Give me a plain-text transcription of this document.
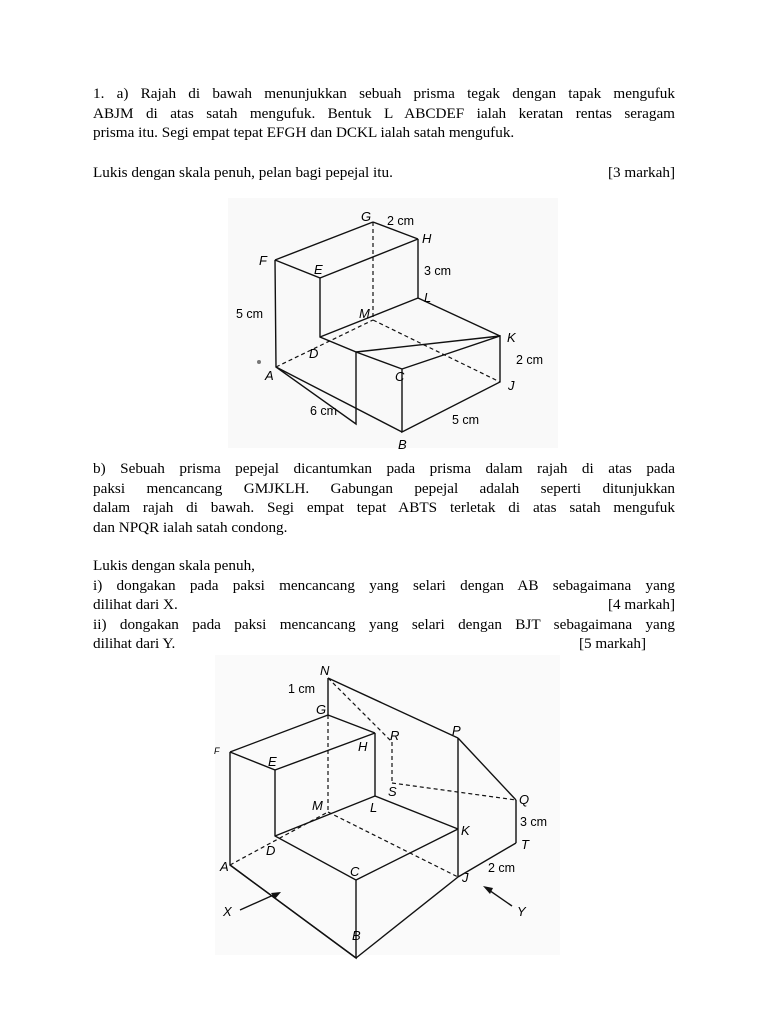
1. a) Rajah di bawah menunjukkan sebuah prisma tegak dengan tapak mengufuk
ABJM di atas satah mengufuk. Bentuk L ABCDEF ialah keratan rentas seragam
prisma itu. Segi empat tepat EFGH dan DCKL ialah satah mengufuk.
Lukis dengan skala penuh, pelan bagi pepejal itu.	[3 markah]
G
H
F
E
L
M
K
D
A	C
J
B
2 cm
3 cm
5 cm
2 cm
6 cm
5 cm
b) Sebuah prisma pepejal dicantumkan pada prisma dalam rajah di atas pada
paksi mencancang GMJKLH. Gabungan pepejal adalah seperti ditunjukkan
dalam rajah di bawah. Segi empat tepat ABTS terletak di atas satah mengufuk
dan NPQR ialah satah condong.
Lukis dengan skala penuh,
i) dongakan pada paksi mencancang yang selari dengan AB sebagaimana yang
dilihat dari X.	[4 markah]
ii) dongakan pada paksi mencancang yang selari dengan BJT sebagaimana yang
dilihat dari Y.	[5 markah]
N
G
H
R	P
F
E
M	L
S
Q
K
T
A
D
C	J
B
X	Y
1 cm
3 cm
2 cm
